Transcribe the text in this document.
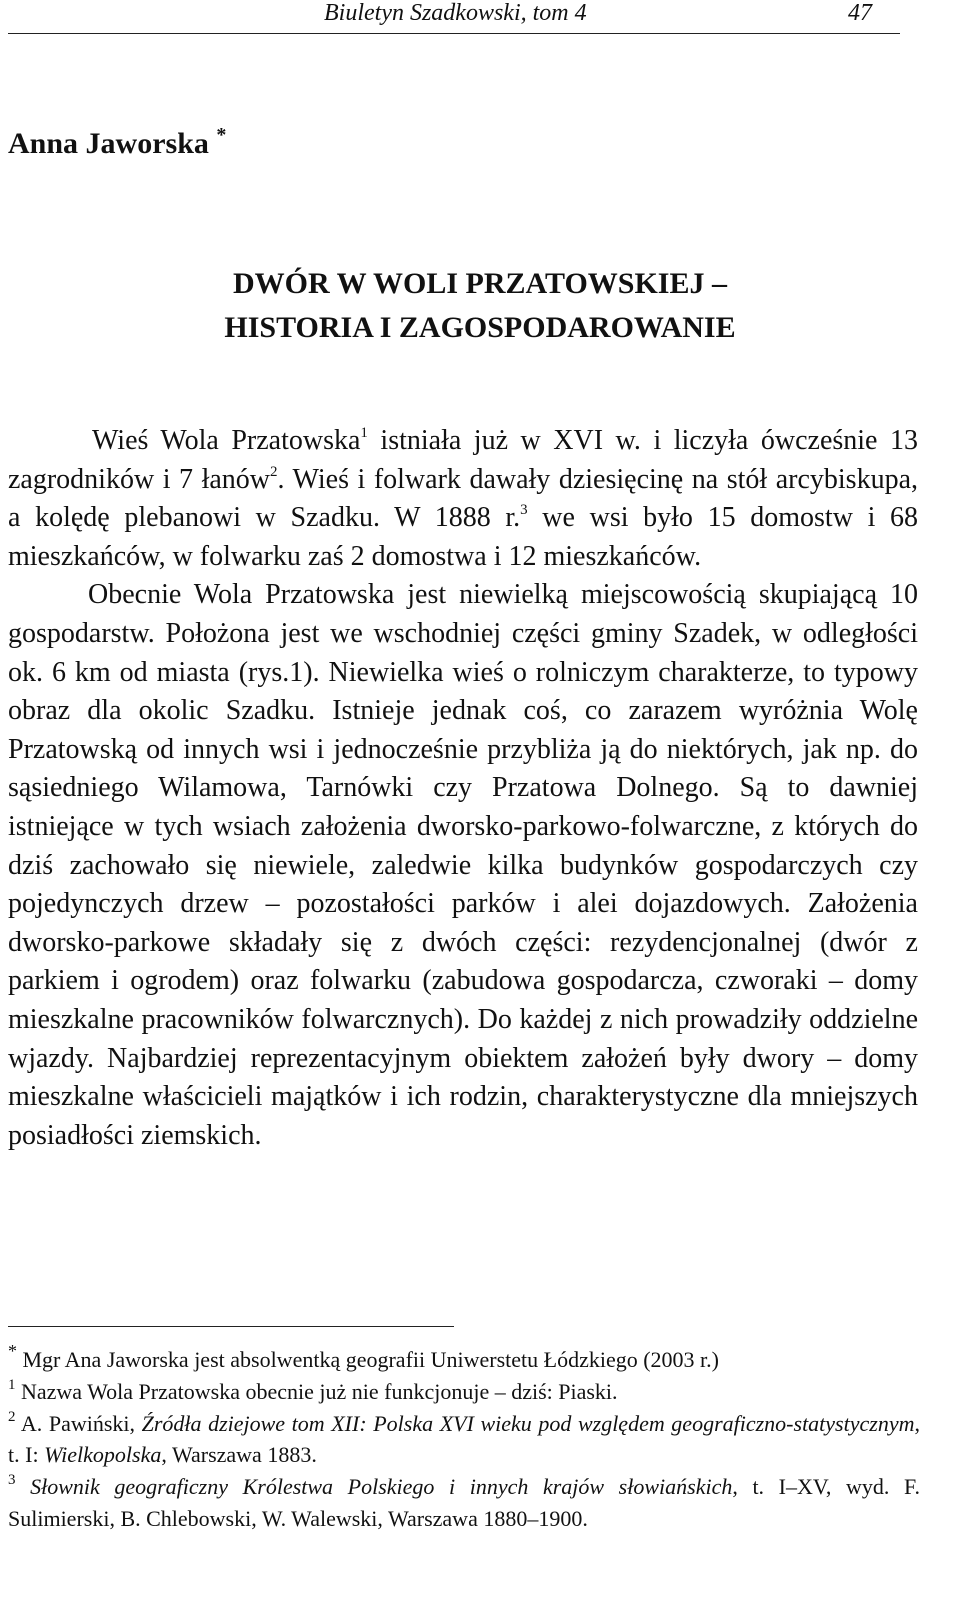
Biuletyn Szadkowski, tom 4	47
Anna Jaworska *
DWÓR W WOLI PRZATOWSKIEJ –
HISTORIA I ZAGOSPODAROWANIE

Wieś Wola Przatowska$^1$ istniała już w XVI w. i liczyła ówcześnie 13 zagrodników i 7 łanów$^2$. Wieś i folwark dawały dziesięcinę na stół arcybiskupa, a kolędę plebanowi w Szadku. W 1888 r.$^3$ we wsi było 15 domostw i 68 mieszkańców, w folwarku zaś 2 domostwa i 12 mieszkańców.

Obecnie Wola Przatowska jest niewielką miejscowością skupiającą 10 gospodarstw. Położona jest we wschodniej części gminy Szadek, w odległości ok. 6 km od miasta (rys.1). Niewielka wieś o rolniczym charakterze, to typowy obraz dla okolic Szadku. Istnieje jednak coś, co zarazem wyróżnia Wolę Przatowską od innych wsi i jednocześnie przybliża ją do niektórych, jak np. do sąsiedniego Wilamowa, Tarnówki czy Przatowa Dolnego. Są to dawniej istniejące w tych wsiach założenia dworsko-parkowo-folwarczne, z których do dziś zachowało się niewiele, zaledwie kilka budynków gospodarczych czy pojedynczych drzew – pozostałości parków i alei dojazdowych. Założenia dworsko-parkowe składały się z dwóch części: rezydencjonalnej (dwór z parkiem i ogrodem) oraz folwarku (zabudowa gospodarcza, czworaki – domy mieszkalne pracowników folwarcznych). Do każdej z nich prowadziły oddzielne wjazdy. Najbardziej reprezentacyjnym obiektem założeń były dwory – domy mieszkalne właścicieli majątków i ich rodzin, charakterystyczne dla mniejszych posiadłości ziemskich.

* Mgr Ana Jaworska jest absolwentką geografii Uniwerstetu Łódzkiego (2003 r.)

$^1$ Nazwa Wola Przatowska obecnie już nie funkcjonuje – dziś: Piaski.

$^2$ A. Pawiński, Źródła dziejowe tom XII: Polska XVI wieku pod względem geograficzno-statystycznym, t. I: Wielkopolska, Warszawa 1883.

$^3$ Słownik geograficzny Królestwa Polskiego i innych krajów słowiańskich, t. I–XV, wyd. F. Sulimierski, B. Chlebowski, W. Walewski, Warszawa 1880–1900.
